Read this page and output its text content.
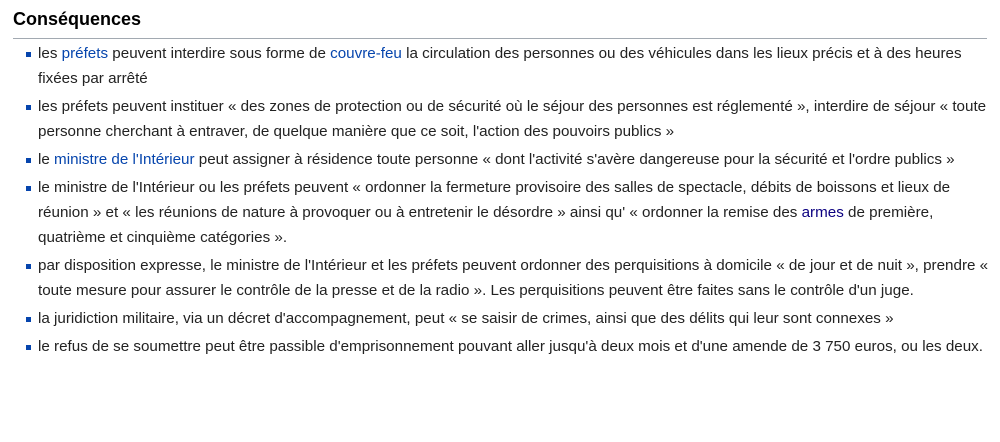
Conséquences
les préfets peuvent interdire sous forme de couvre-feu la circulation des personnes ou des véhicules dans les lieux précis et à des heures fixées par arrêté
les préfets peuvent instituer « des zones de protection ou de sécurité où le séjour des personnes est réglementé », interdire de séjour « toute personne cherchant à entraver, de quelque manière que ce soit, l'action des pouvoirs publics »
le ministre de l'Intérieur peut assigner à résidence toute personne « dont l'activité s'avère dangereuse pour la sécurité et l'ordre publics »
le ministre de l'Intérieur ou les préfets peuvent « ordonner la fermeture provisoire des salles de spectacle, débits de boissons et lieux de réunion » et « les réunions de nature à provoquer ou à entretenir le désordre » ainsi qu' « ordonner la remise des armes de première, quatrième et cinquième catégories ».
par disposition expresse, le ministre de l'Intérieur et les préfets peuvent ordonner des perquisitions à domicile « de jour et de nuit », prendre « toute mesure pour assurer le contrôle de la presse et de la radio ». Les perquisitions peuvent être faites sans le contrôle d'un juge.
la juridiction militaire, via un décret d'accompagnement, peut « se saisir de crimes, ainsi que des délits qui leur sont connexes »
le refus de se soumettre peut être passible d'emprisonnement pouvant aller jusqu'à deux mois et d'une amende de 3 750 euros, ou les deux.
